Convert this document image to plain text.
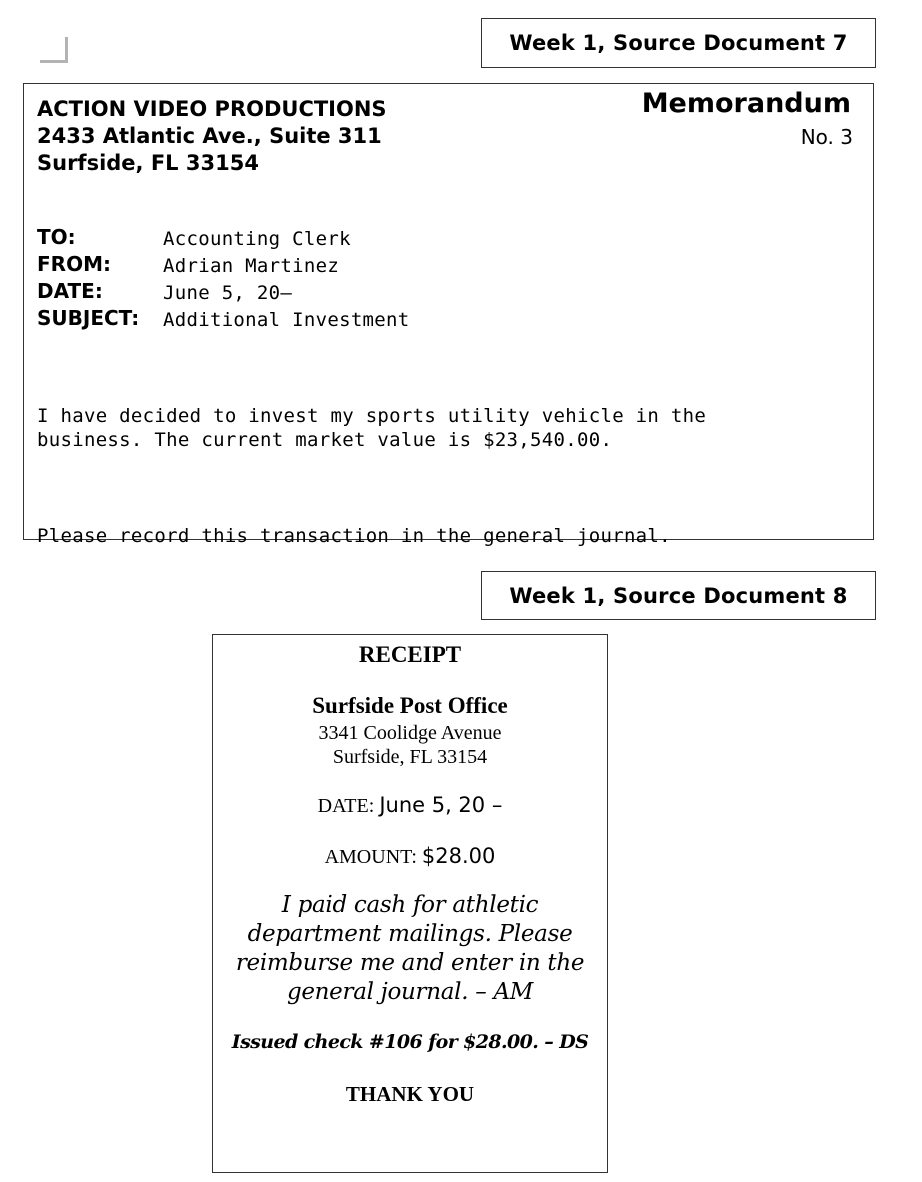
Week 1, Source Document 7
ACTION VIDEO PRODUCTIONS
2433 Atlantic Ave., Suite 311
Surfside, FL 33154
Memorandum
No. 3
TO:	Accounting Clerk
FROM:	Adrian Martinez
DATE:	June 5, 20—
SUBJECT: Additional Investment

I have decided to invest my sports utility vehicle in the
business. The current market value is $23,540.00.

Please record this transaction in the general journal.

Week 1, Source Document 8
RECEIPT
Surfside Post Office
3341 Coolidge Avenue
Surfside, FL 33154
DATE: June 5, 20 –
AMOUNT: $28.00
I paid cash for athletic
department mailings. Please
reimburse me and enter in the
general journal. – AM
Issued check #106 for $28.00. – DS
THANK YOU
